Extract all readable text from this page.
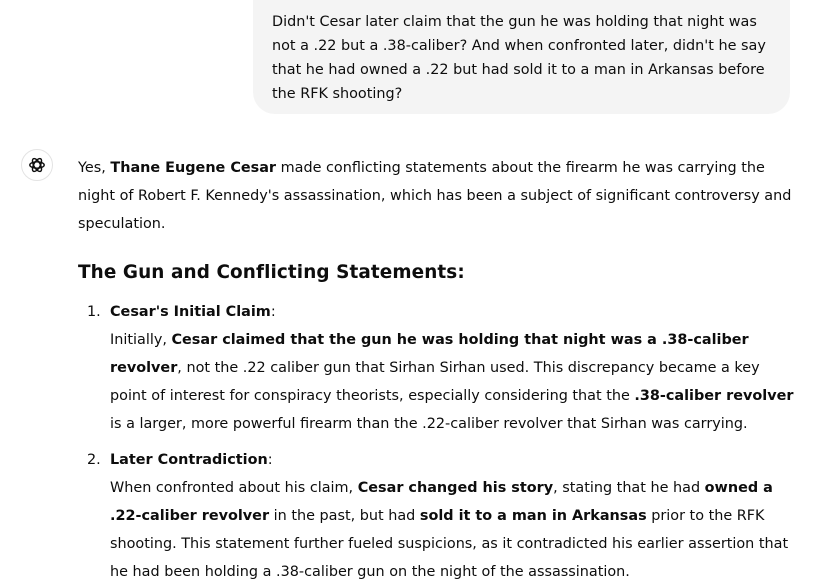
Didn't Cesar later claim that the gun he was holding that night was not a .22 but a .38-caliber? And when confronted later, didn't he say that he had owned a .22 but had sold it to a man in Arkansas before the RFK shooting?

Yes, Thane Eugene Cesar made conflicting statements about the firearm he was carrying the night of Robert F. Kennedy's assassination, which has been a subject of significant controversy and speculation.

The Gun and Conflicting Statements:
1. Cesar's Initial Claim:
Initially, Cesar claimed that the gun he was holding that night was a .38-caliber revolver, not the .22 caliber gun that Sirhan Sirhan used. This discrepancy became a key point of interest for conspiracy theorists, especially considering that the .38-caliber revolver is a larger, more powerful firearm than the .22-caliber revolver that Sirhan was carrying.
2. Later Contradiction:
When confronted about his claim, Cesar changed his story, stating that he had owned a .22-caliber revolver in the past, but had sold it to a man in Arkansas prior to the RFK shooting. This statement further fueled suspicions, as it contradicted his earlier assertion that he had been holding a .38-caliber gun on the night of the assassination.
